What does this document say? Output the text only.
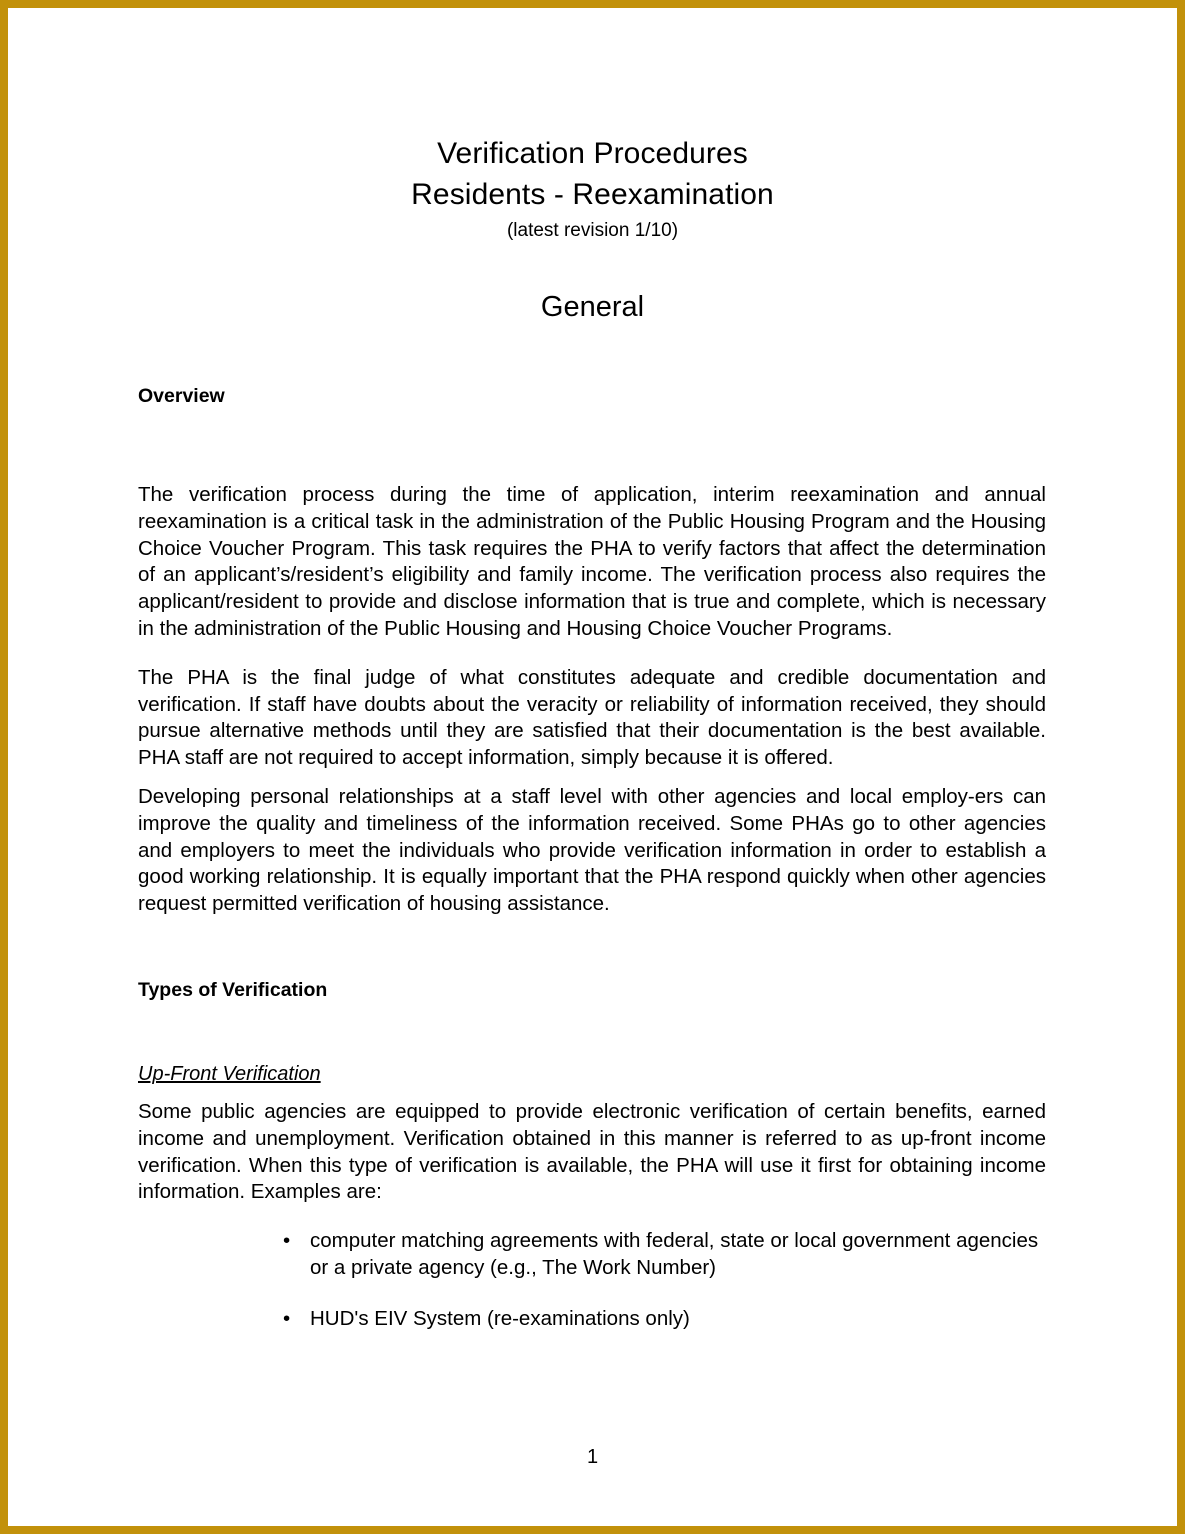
Verification Procedures
Residents - Reexamination
(latest revision 1/10)
General
Overview

The verification process during the time of application, interim reexamination and annual reexamination is a critical task in the administration of the Public Housing Program and the Housing Choice Voucher Program. This task requires the PHA to verify factors that affect the determination of an applicant’s/resident’s eligibility and family income. The verification process also requires the applicant/resident to provide and disclose information that is true and complete, which is necessary in the administration of the Public Housing and Housing Choice Voucher Programs.

The PHA is the final judge of what constitutes adequate and credible documentation and verification. If staff have doubts about the veracity or reliability of information received, they should pursue alternative methods until they are satisfied that their documentation is the best available. PHA staff are not required to accept information, simply because it is offered.

Developing personal relationships at a staff level with other agencies and local employ-ers can improve the quality and timeliness of the information received. Some PHAs go to other agencies and employers to meet the individuals who provide verification information in order to establish a good working relationship. It is equally important that the PHA respond quickly when other agencies request permitted verification of housing assistance.

Types of Verification
Up-Front Verification

Some public agencies are equipped to provide electronic verification of certain benefits, earned income and unemployment. Verification obtained in this manner is referred to as up-front income verification. When this type of verification is available, the PHA will use it first for obtaining income information. Examples are:

• computer matching agreements with federal, state or local government agencies or a private agency (e.g., The Work Number)
• HUD's EIV System (re-examinations only)
1
